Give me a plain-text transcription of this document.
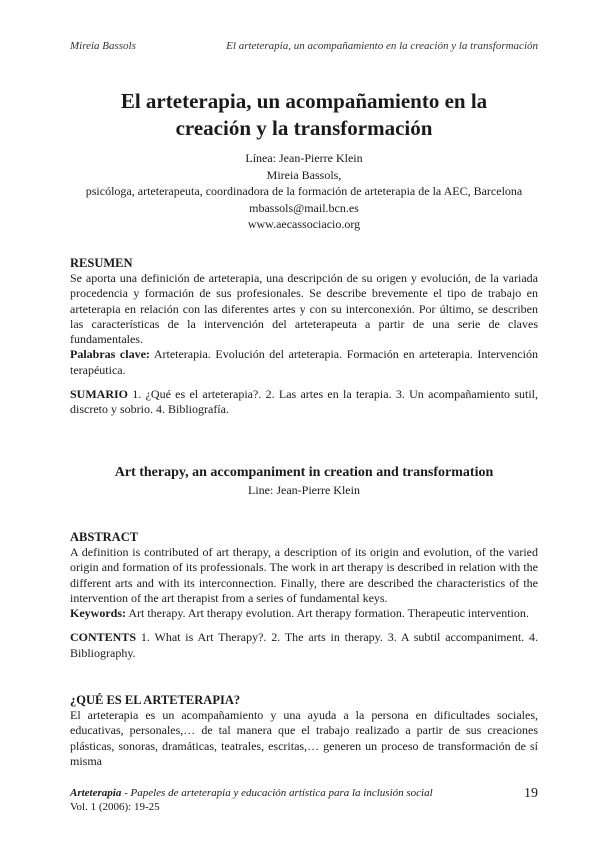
Mireia Bassols	El arteterapia, un acompañamiento en la creación y la transformación
El arteterapia, un acompañamiento en la
creación y la transformación
Línea: Jean-Pierre Klein
Mireia Bassols,
psicóloga, arteterapeuta, coordinadora de la formación de arteterapia de la AEC, Barcelona
mbassols@mail.bcn.es
www.aecassociacio.org

RESUMEN

Se aporta una definición de arteterapia, una descripción de su origen y evolución, de la variada procedencia y formación de sus profesionales. Se describe brevemente el tipo de trabajo en arteterapia en relación con las diferentes artes y con su interconexión. Por último, se describen las características de la intervención del arteterapeuta a partir de una serie de claves fundamentales.

Palabras clave: Arteterapia. Evolución del arteterapia. Formación en arteterapia. Intervención terapéutica.

SUMARIO 1. ¿Qué es el arteterapia?. 2. Las artes en la terapia. 3. Un acompañamiento sutil, discreto y sobrio. 4. Bibliografía.

Art therapy, an accompaniment in creation and transformation
Line: Jean-Pierre Klein

ABSTRACT

A definition is contributed of art therapy, a description of its origin and evolution, of the varied origin and formation of its professionals. The work in art therapy is described in relation with the different arts and with its interconnection. Finally, there are described the characteristics of the intervention of the art therapist from a series of fundamental keys.

Keywords: Art therapy. Art therapy evolution. Art therapy formation. Therapeutic intervention.

CONTENTS 1. What is Art Therapy?. 2. The arts in therapy. 3. A subtil accompaniment. 4. Bibliography.

¿QUÉ ES EL ARTETERAPIA?

El arteterapia es un acompañamiento y una ayuda a la persona en dificultades sociales, educativas, personales,… de tal manera que el trabajo realizado a partir de sus creaciones plásticas, sonoras, dramáticas, teatrales, escritas,… generen un proceso de transformación de sí misma

Arteterapia - Papeles de arteterapia y educación artística para la inclusión social
Vol. 1 (2006): 19-25
19
